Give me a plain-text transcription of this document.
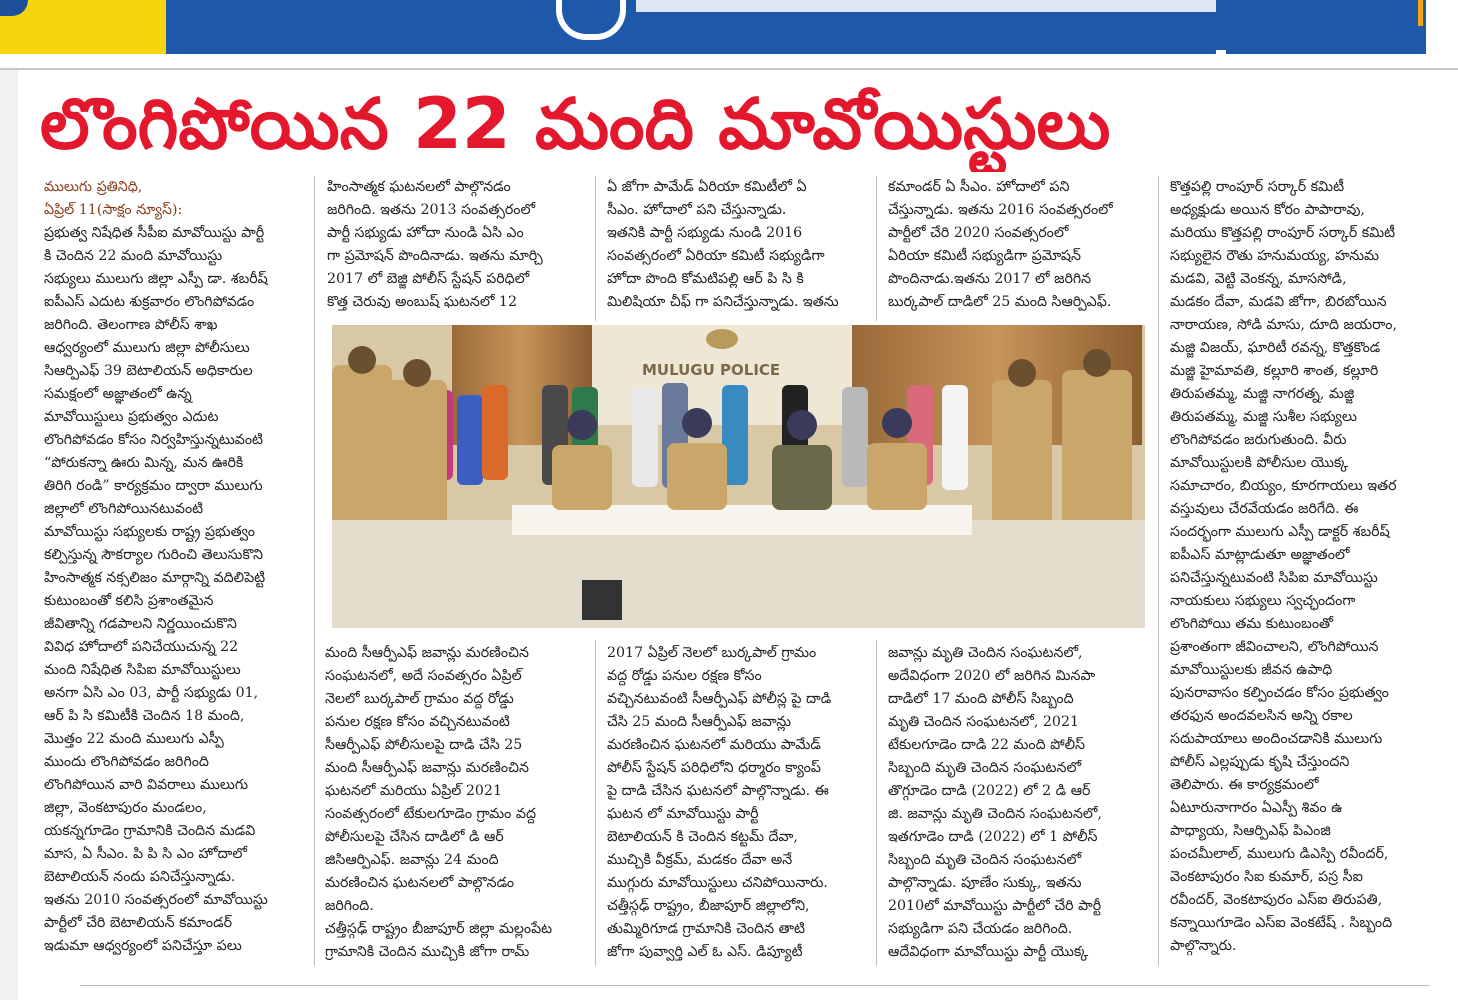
లొంగిపోయిన 22 మంది మావోయిస్టులు
ములుగు ప్రతినిధి,
ఏప్రిల్ 11(సాక్షం న్యూస్):
ప్రభుత్వ నిషేధిత సీపీఐ మావోయిస్టు పార్టీ
కి చెందిన 22 మంది మావోయిస్టు
సభ్యులు ములుగు జిల్లా ఎస్పీ డా. శబరీష్
ఐపీఎస్ ఎదుట శుక్రవారం లొంగిపోవడం
జరిగింది. తెలంగాణ పోలీస్ శాఖ
ఆధ్వర్యంలో ములుగు జిల్లా పోలీసులు
సిఆర్పిఎఫ్ 39 బెటాలియన్ అధికారుల
సమక్షంలో అజ్ఞాతంలో ఉన్న
మావోయిస్టులు ప్రభుత్వం ఎదుట
లొంగిపోవడం కోసం నిర్వహిస్తున్నటువంటి
“పోరుకన్నా ఊరు మిన్న, మన ఊరికి
తిరిగి రండి” కార్యక్రమం ద్వారా ములుగు
జిల్లాలో లొంగిపోయినటువంటి
మావోయిస్టు సభ్యులకు రాష్ట్ర ప్రభుత్వం
కల్పిస్తున్న సౌకర్యాల గురించి తెలుసుకొని
హింసాత్మక నక్సలిజం మార్గాన్ని వదిలిపెట్టి
కుటుంబంతో కలిసి ప్రశాంతమైన
జీవితాన్ని గడపాలని నిర్ణయించుకొని
వివిధ హోదాలో పనిచేయుచున్న 22
మంది నిషేధిత సిపిఐ మావోయిస్టులు
అనగా ఏసి ఎం 03, పార్టీ సభ్యుడు 01,
ఆర్ పి సి కమిటీకి చెందిన 18 మంది,
మొత్తం 22 మంది ములుగు ఎస్పీ
ముందు లొంగిపోవడం జరిగింది
లొంగిపోయిన వారి వివరాలు ములుగు
జిల్లా, వెంకటాపురం మండలం,
యకన్నగూడెం గ్రామానికి చెందిన మడవి
మాస, ఏ సీఎం. పి పి సి ఎం హోదాలో
బెటాలియన్ నందు పనిచేస్తున్నాడు.
ఇతను 2010 సంవత్సరంలో మావోయిస్టు
పార్టీలో చేరి బెటాలియన్ కమాండర్
ఇడుమా ఆధ్వర్యంలో పనిచేస్తూ పలు
హింసాత్మక ఘటనలలో పాల్గొనడం
జరిగింది. ఇతను 2013 సంవత్సరంలో
పార్టీ సభ్యుడు హోదా నుండి ఏసి ఎం
గా ప్రమోషన్ పొందినాడు. ఇతను మార్చి
2017 లో బెజ్జి పోలీస్ స్టేషన్ పరిధిలో
కొత్త చెరువు అంబుష్ ఘటనలో 12
ఏ జోగా పామేడ్ ఏరియా కమిటీలో ఏ
సీఎం. హోదాలో పని చేస్తున్నాడు.
ఇతనికి పార్టీ సభ్యుడు నుండి 2016
సంవత్సరంలో ఏరియా కమిటీ సభ్యుడిగా
హోదా పొంది కోమటిపల్లి ఆర్ పి సి కి
మిలిషియా చీఫ్ గా పనిచేస్తున్నాడు. ఇతను
కమాండర్ ఏ సీఎం. హోదాలో పని
చేస్తున్నాడు. ఇతను 2016 సంవత్సరంలో
పార్టీలో చేరి 2020 సంవత్సరంలో
ఏరియా కమిటీ సభ్యుడిగా ప్రమోషన్
పొందినాడు.ఇతను 2017 లో జరిగిన
బుర్కపాల్ దాడిలో 25 మంది సిఆర్పిఎఫ్.
కొత్తపల్లి రాంపూర్ సర్కార్ కమిటీ
అధ్యక్షుడు అయిన కోరం పాపారావు,
మరియు కొత్తపల్లి రాంపూర్ సర్కార్ కమిటీ
సభ్యులైన రౌతు హనుమయ్య, హనుమ
మడవి, వెట్టి వెంకన్న, మాససోడి,
మడకం దేవా, మడవి జోగా, బిరబోయిన
నారాయణ, సోడి మాసు, దూది జయరాం,
మజ్జి విజయ్, ఘారిటీ రవన్న, కొత్తకొండ
మజ్జి హైమావతి, కల్లూరి శాంత, కల్లూరి
తిరుపతమ్మ, మజ్జి నాగరత్న, మజ్జి
తిరుపతమ్మ, మజ్జి సుశీల సభ్యులు
లొంగిపోవడం జరుగుతుంది. వీరు
మావోయిస్టులకి పోలీసుల యొక్క
సమాచారం, బియ్యం, కూరగాయలు ఇతర
వస్తువులు చేరవేయడం జరిగేది. ఈ
సందర్భంగా ములుగు ఎస్పీ డాక్టర్ శబరీష్
ఐపీఎస్ మాట్లాడుతూ అజ్ఞాతంలో
పనిచేస్తున్నటువంటి సిపిఐ మావోయిస్టు
నాయకులు సభ్యులు స్వచ్ఛందంగా
లొంగిపోయి తమ కుటుంబంతో
ప్రశాంతంగా జీవించాలని, లొంగిపోయిన
మావోయిస్టులకు జీవన ఉపాధి
పునరావాసం కల్పించడం కోసం ప్రభుత్వం
తరఫున అందవలసిన అన్ని రకాల
సదుపాయాలు అందించడానికి ములుగు
పోలీస్ ఎల్లప్పుడు కృషి చేస్తుందని
తెలిపారు. ఈ కార్యక్రమంలో
ఏటూరునాగారం ఏఎస్పీ శివం ఉ
పాధ్యాయ, సిఆర్పిఎఫ్ పిఎంజి
పంచమీలాల్, ములుగు డిఎస్పి రవీందర్,
వెంకటాపురం సిఐ కుమార్, పస్ర సీఐ
రవీందర్, వెంకటాపురం ఎస్ఐ తిరుపతి,
కన్నాయిగూడెం ఎస్ఐ వెంకటేష్ . సిబ్బంది
పాల్గొన్నారు.
మంది సీఆర్పీఎఫ్ జవాన్లు మరణించిన
సంఘటనలో, అదే సంవత్సరం ఏప్రిల్
నెలలో బుర్కపాల్ గ్రామం వద్ద రోడ్డు
పనుల రక్షణ కోసం వచ్చినటువంటి
సీఆర్పీఎఫ్ పోలీసులపై దాడి చేసి 25
మంది సీఆర్పీఎఫ్ జవాన్లు మరణించిన
ఘటనలో మరియు ఏప్రిల్ 2021
సంవత్సరంలో టేకులగూడెం గ్రామం వద్ద
పోలీసులపై చేసిన దాడిలో డి ఆర్
జిసిఆర్పిఎఫ్. జవాన్లు 24 మంది
మరణించిన ఘటనలలో పాల్గొనడం
జరిగింది.
చత్తీస్గఢ్ రాష్ట్రం బీజాపూర్ జిల్లా మల్లంపేట
గ్రామానికి చెందిన ముచ్చికి జోగా రామ్
2017 ఏప్రిల్ నెలలో బుర్కపాల్ గ్రామం
వద్ద రోడ్డు పనుల రక్షణ కోసం
వచ్చినటువంటి సీఆర్పీఎఫ్ పోలీస్ల పై దాడి
చేసి 25 మంది సీఆర్పీఎఫ్ జవాన్లు
మరణించిన ఘటనలో మరియు పామేడ్
పోలీస్ స్టేషన్ పరిధిలోని ధర్మారం క్యాంప్
పై దాడి చేసిన ఘటనలో పాల్గొన్నాడు. ఈ
ఘటన లో మావోయిస్టు పార్టీ
బెటాలియన్ కి చెందిన కట్టమ్ దేవా,
ముచ్చికి వీక్రమ్, మడకం దేవా అనే
ముగ్గురు మావోయిస్టులు చనిపోయినారు.
చత్తీస్గఢ్ రాష్ట్రం, బీజాపూర్ జిల్లాలోని,
తుమ్మిరిగూడ గ్రామానికి చెందిన తాటి
జోగా పువ్వార్తి ఎల్ ఓ ఎస్. డిప్యూటీ
జవాన్లు మృతి చెందిన సంఘటనలో,
అదేవిధంగా 2020 లో జరిగిన మినపా
దాడిలో 17 మంది పోలీస్ సిబ్బంది
మృతి చెందిన సంఘటనలో, 2021
టేకులగూడెం దాడి 22 మంది పోలీస్
సిబ్బంది మృతి చెందిన సంఘటనలో
తొగ్గూడెం దాడి (2022) లో 2 డి ఆర్
జి. జవాన్లు మృతి చెందిన సంఘటనలో,
ఇతగూడెం దాడి (2022) లో 1 పోలీస్
సిబ్బంది మృతి చెందిన సంఘటనలో
పాల్గొన్నాడు. పూణేం సుక్కు, ఇతను
2010లో మావోయిస్టు పార్టీలో చేరి పార్టీ
సభ్యుడిగా పని చేయడం జరిగింది.
ఆదేవిధంగా మావోయిస్టు పార్టీ యొక్క
MULUGU POLICE
